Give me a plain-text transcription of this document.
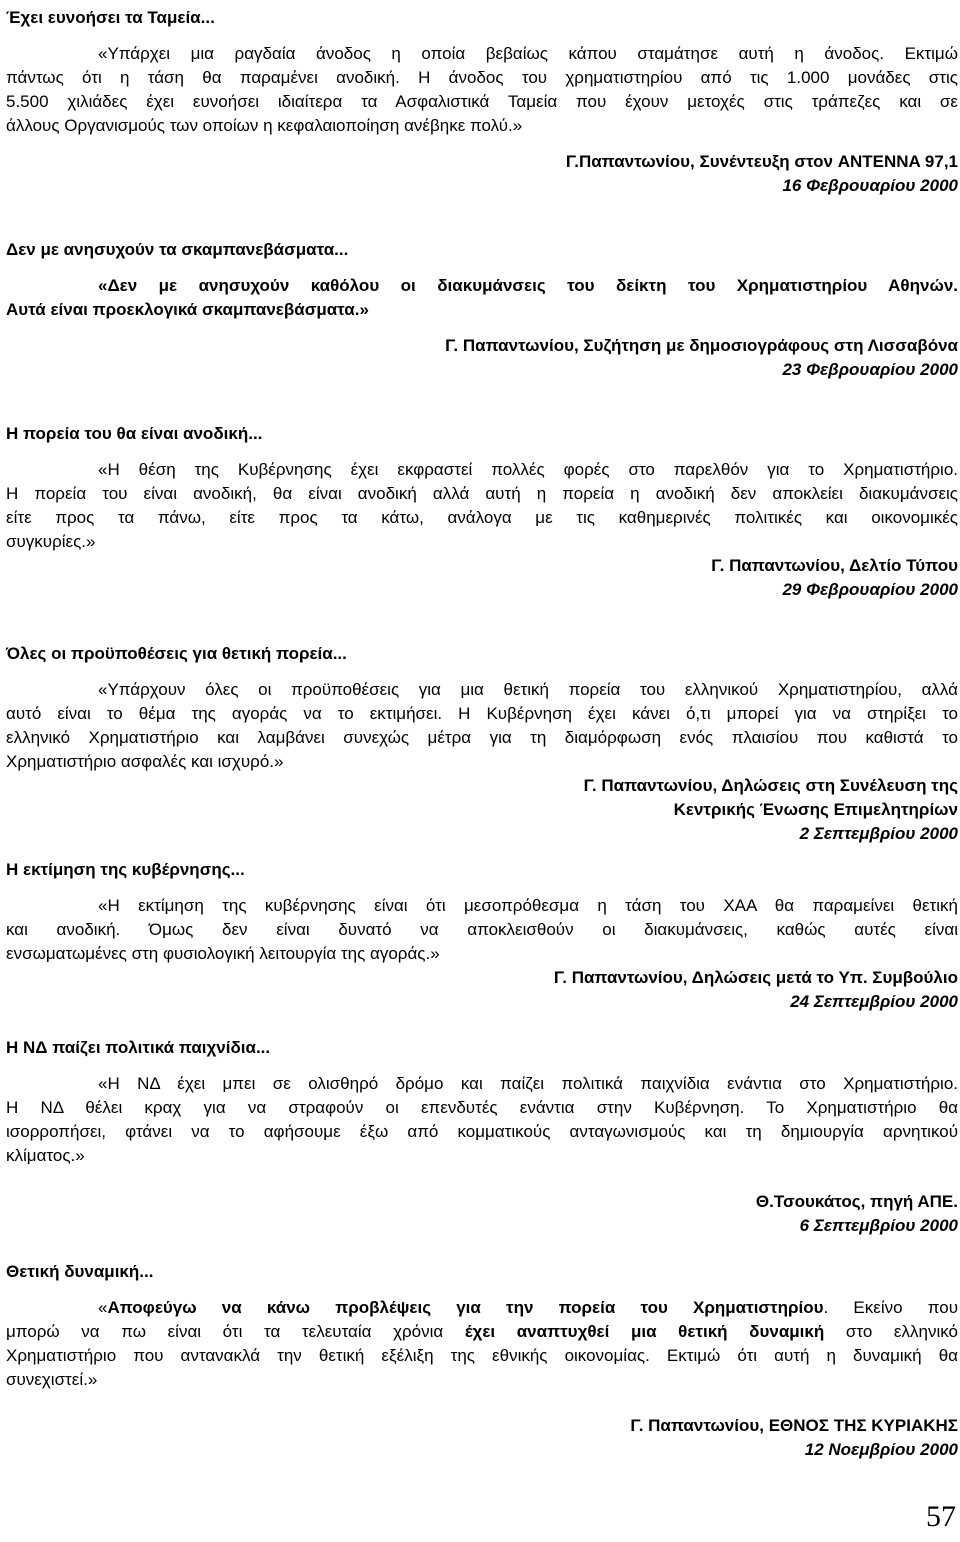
Έχει ευνοήσει τα Ταμεία...
«Υπάρχει μια ραγδαία άνοδος η οποία βεβαίως κάπου σταμάτησε αυτή η άνοδος. Εκτιμώ
πάντως ότι η τάση θα παραμένει ανοδική. Η άνοδος του χρηματιστηρίου από τις 1.000 μονάδες στις
5.500 χιλιάδες έχει ευνοήσει ιδιαίτερα τα Ασφαλιστικά Ταμεία που έχουν μετοχές στις τράπεζες και σε
άλλους Οργανισμούς των οποίων η κεφαλαιοποίηση ανέβηκε πολύ.»
Γ.Παπαντωνίου, Συνέντευξη στον ANTENNA 97,1
16 Φεβρουαρίου 2000
Δεν με ανησυχούν τα σκαμπανεβάσματα...
«Δεν με ανησυχούν καθόλου οι διακυμάνσεις του δείκτη του Χρηματιστηρίου Αθηνών.
Αυτά είναι προεκλογικά σκαμπανεβάσματα.»
Γ. Παπαντωνίου, Συζήτηση με δημοσιογράφους στη Λισσαβόνα
23 Φεβρουαρίου 2000
Η πορεία του θα είναι ανοδική...
«Η θέση της Κυβέρνησης έχει εκφραστεί πολλές φορές στο παρελθόν για το Χρηματιστήριο.
Η πορεία του είναι ανοδική, θα είναι ανοδική αλλά αυτή η πορεία η ανοδική δεν αποκλείει διακυμάνσεις
είτε προς τα πάνω, είτε προς τα κάτω, ανάλογα με τις καθημερινές πολιτικές και οικονομικές
συγκυρίες.»
Γ. Παπαντωνίου, Δελτίο Τύπου
29 Φεβρουαρίου 2000
Όλες οι προϋποθέσεις για θετική πορεία...
«Υπάρχουν όλες οι προϋποθέσεις για μια θετική πορεία του ελληνικού Χρηματιστηρίου, αλλά
αυτό είναι το θέμα της αγοράς να το εκτιμήσει. Η Κυβέρνηση έχει κάνει ό,τι μπορεί για να στηρίξει το
ελληνικό Χρηματιστήριο και λαμβάνει συνεχώς μέτρα για τη διαμόρφωση ενός πλαισίου που καθιστά το
Χρηματιστήριο ασφαλές και ισχυρό.»
Γ. Παπαντωνίου, Δηλώσεις στη Συνέλευση της
Κεντρικής Ένωσης Επιμελητηρίων
2 Σεπτεμβρίου 2000
Η εκτίμηση της κυβέρνησης...
«Η εκτίμηση της κυβέρνησης είναι ότι μεσοπρόθεσμα η τάση του ΧΑΑ θα παραμείνει θετική
και ανοδική. Όμως δεν είναι δυνατό να αποκλεισθούν οι διακυμάνσεις, καθώς αυτές είναι
ενσωματωμένες στη φυσιολογική λειτουργία της αγοράς.»
Γ. Παπαντωνίου, Δηλώσεις μετά το Υπ. Συμβούλιο
24 Σεπτεμβρίου 2000
Η ΝΔ παίζει πολιτικά παιχνίδια...
«Η ΝΔ έχει μπει σε ολισθηρό δρόμο και παίζει πολιτικά παιχνίδια ενάντια στο Χρηματιστήριο.
Η ΝΔ θέλει κραχ για να στραφούν οι επενδυτές ενάντια στην Κυβέρνηση. Το Χρηματιστήριο θα
ισορροπήσει, φτάνει να το αφήσουμε έξω από κομματικούς ανταγωνισμούς και τη δημιουργία αρνητικού
κλίματος.»
Θ.Τσουκάτος, πηγή ΑΠΕ.
6 Σεπτεμβρίου 2000
Θετική δυναμική...
«Αποφεύγω να κάνω προβλέψεις για την πορεία του Χρηματιστηρίου. Εκείνο που
μπορώ να πω είναι ότι τα τελευταία χρόνια έχει αναπτυχθεί μια θετική δυναμική στο ελληνικό
Χρηματιστήριο που αντανακλά την θετική εξέλιξη της εθνικής οικονομίας. Εκτιμώ ότι αυτή η δυναμική θα
συνεχιστεί.»
Γ. Παπαντωνίου, ΕΘΝΟΣ ΤΗΣ ΚΥΡΙΑΚΗΣ
12 Νοεμβρίου 2000
57
